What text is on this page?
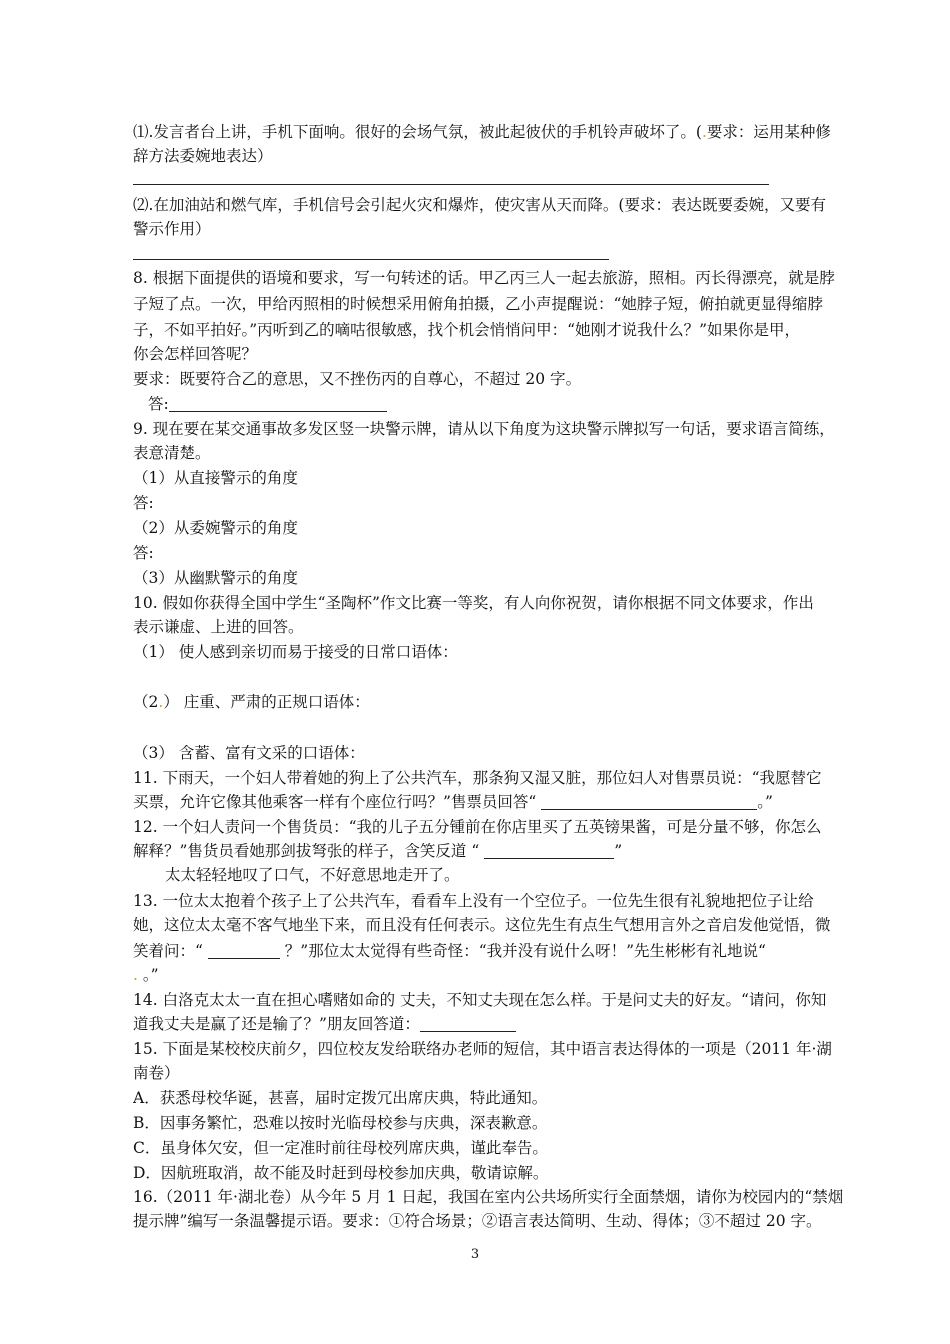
⑴.发言者台上讲，手机下面响。很好的会场气氛，被此起彼伏的手机铃声破坏了。(.要求：运用某种修
辞方法委婉地表达）
⑵.在加油站和燃气库，手机信号会引起火灾和爆炸，使灾害从天而降。(要求：表达既要委婉，又要有
警示作用）
8. 根据下面提供的语境和要求，写一句转述的话。甲乙丙三人一起去旅游，照相。丙长得漂亮，就是脖
子短了点。一次，甲给丙照相的时候想采用俯角拍摄，乙小声提醒说：“她脖子短，俯拍就更显得缩脖
子，不如平拍好。”丙听到乙的嘀咕很敏感，找个机会悄悄问甲：“她刚才说我什么？”如果你是甲，
你会怎样回答呢？
要求：既要符合乙的意思，又不挫伤丙的自尊心，不超过 20 字。
答:
9. 现在要在某交通事故多发区竖一块警示牌，请从以下角度为这块警示牌拟写一句话，要求语言简练，
表意清楚。
（1）从直接警示的角度
答:
（2）从委婉警示的角度
答:
（3）从幽默警示的角度
10. 假如你获得全国中学生“圣陶杯”作文比赛一等奖，有人向你祝贺，请你根据不同文体要求，作出
表示谦虚、上进的回答。
（1） 使人感到亲切而易于接受的日常口语体：
（2.） 庄重、严肃的正规口语体：
（3） 含蓄、富有文采的口语体：
11. 下雨天，一个妇人带着她的狗上了公共汽车，那条狗又湿又脏，那位妇人对售票员说：“我愿替它
买票，允许它像其他乘客一样有个座位行吗？”售票员回答“	。”
12. 一个妇人责问一个售货员：“我的儿子五分锺前在你店里买了五英镑果酱，可是分量不够，你怎么
解释？”售货员看她那剑拔弩张的样子，含笑反道 “	”
太太轻轻地叹了口气，不好意思地走开了。
13. 一位太太抱着个孩子上了公共汽车，看看车上没有一个空位子。一位先生很有礼貌地把位子让给
她，这位太太毫不客气地坐下来，而且没有任何表示。这位先生有点生气想用言外之音启发他觉悟，微
笑着问：“	？”那位太太觉得有些奇怪：“我并没有说什么呀！”先生彬彬有礼地说“
. 。”
14. 白洛克太太一直在担心嗜赌如命的 丈夫，不知丈夫现在怎么样。于是问丈夫的好友。“请问，你知
道我丈夫是赢了还是输了？”朋友回答道：
15. 下面是某校校庆前夕，四位校友发给联络办老师的短信，其中语言表达得体的一项是（2011 年·湖
南卷）
A．获悉母校华诞，甚喜，届时定拨冗出席庆典，特此通知。
B．因事务繁忙，恐难以按时光临母校参与庆典，深表歉意。
C．虽身体欠安，但一定准时前往母校列席庆典，谨此奉告。
D．因航班取消，故不能及时赶到母校参加庆典，敬请谅解。
16.（2011 年·湖北卷）从今年 5 月 1 日起，我国在室内公共场所实行全面禁烟，请你为校园内的“禁烟
提示牌”编写一条温馨提示语。要求：①符合场景；②语言表达简明、生动、得体；③不超过 20 字。
3
